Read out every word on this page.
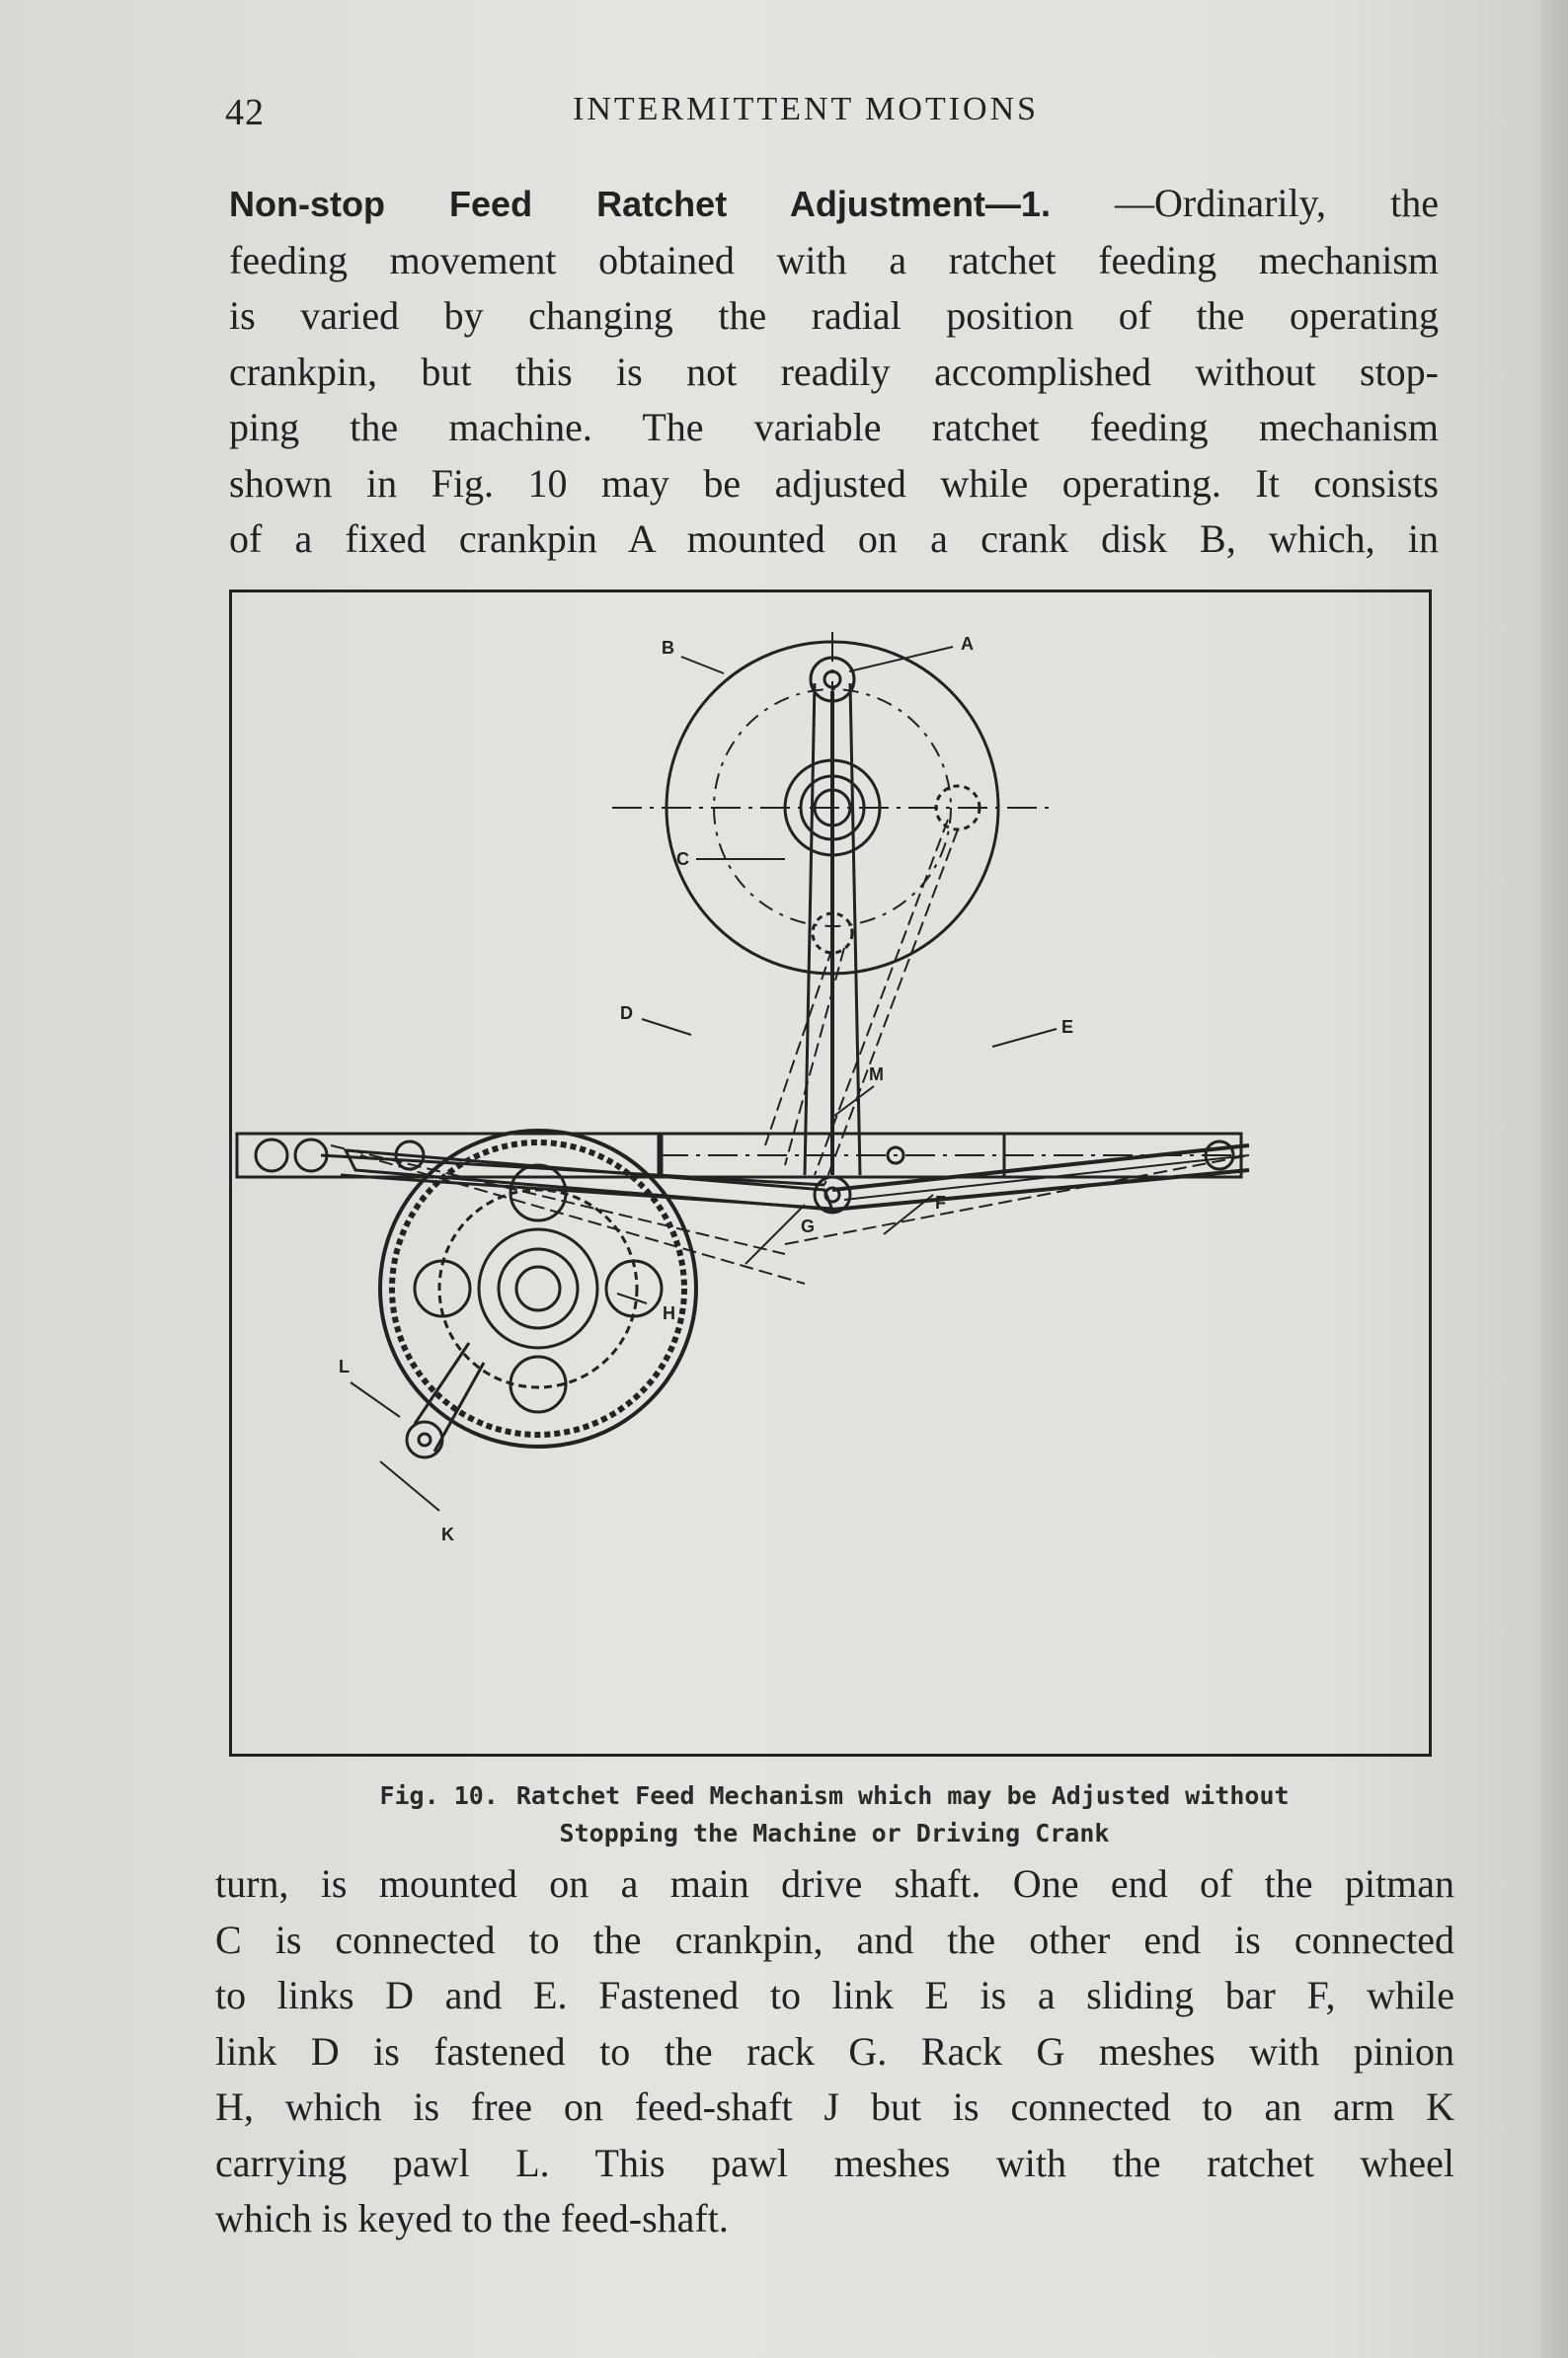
42	INTERMITTENT MOTIONS
Non-stop Feed Ratchet Adjustment—1. —Ordinarily, the
feeding movement obtained with a ratchet feeding mechanism
is varied by changing the radial position of the operating
crankpin, but this is not readily accomplished without stop-
ping the machine. The variable ratchet feeding mechanism
shown in Fig. 10 may be adjusted while operating. It consists
of a fixed crankpin A mounted on a crank disk B, which, in
A
B
C
D
E
F
G
H
K
L
M
Fig. 10. Ratchet Feed Mechanism which may be Adjusted without
Stopping the Machine or Driving Crank
turn, is mounted on a main drive shaft. One end of the pitman
C is connected to the crankpin, and the other end is connected
to links D and E. Fastened to link E is a sliding bar F, while
link D is fastened to the rack G. Rack G meshes with pinion
H, which is free on feed-shaft J but is connected to an arm K
carrying pawl L. This pawl meshes with the ratchet wheel
which is keyed to the feed-shaft.
